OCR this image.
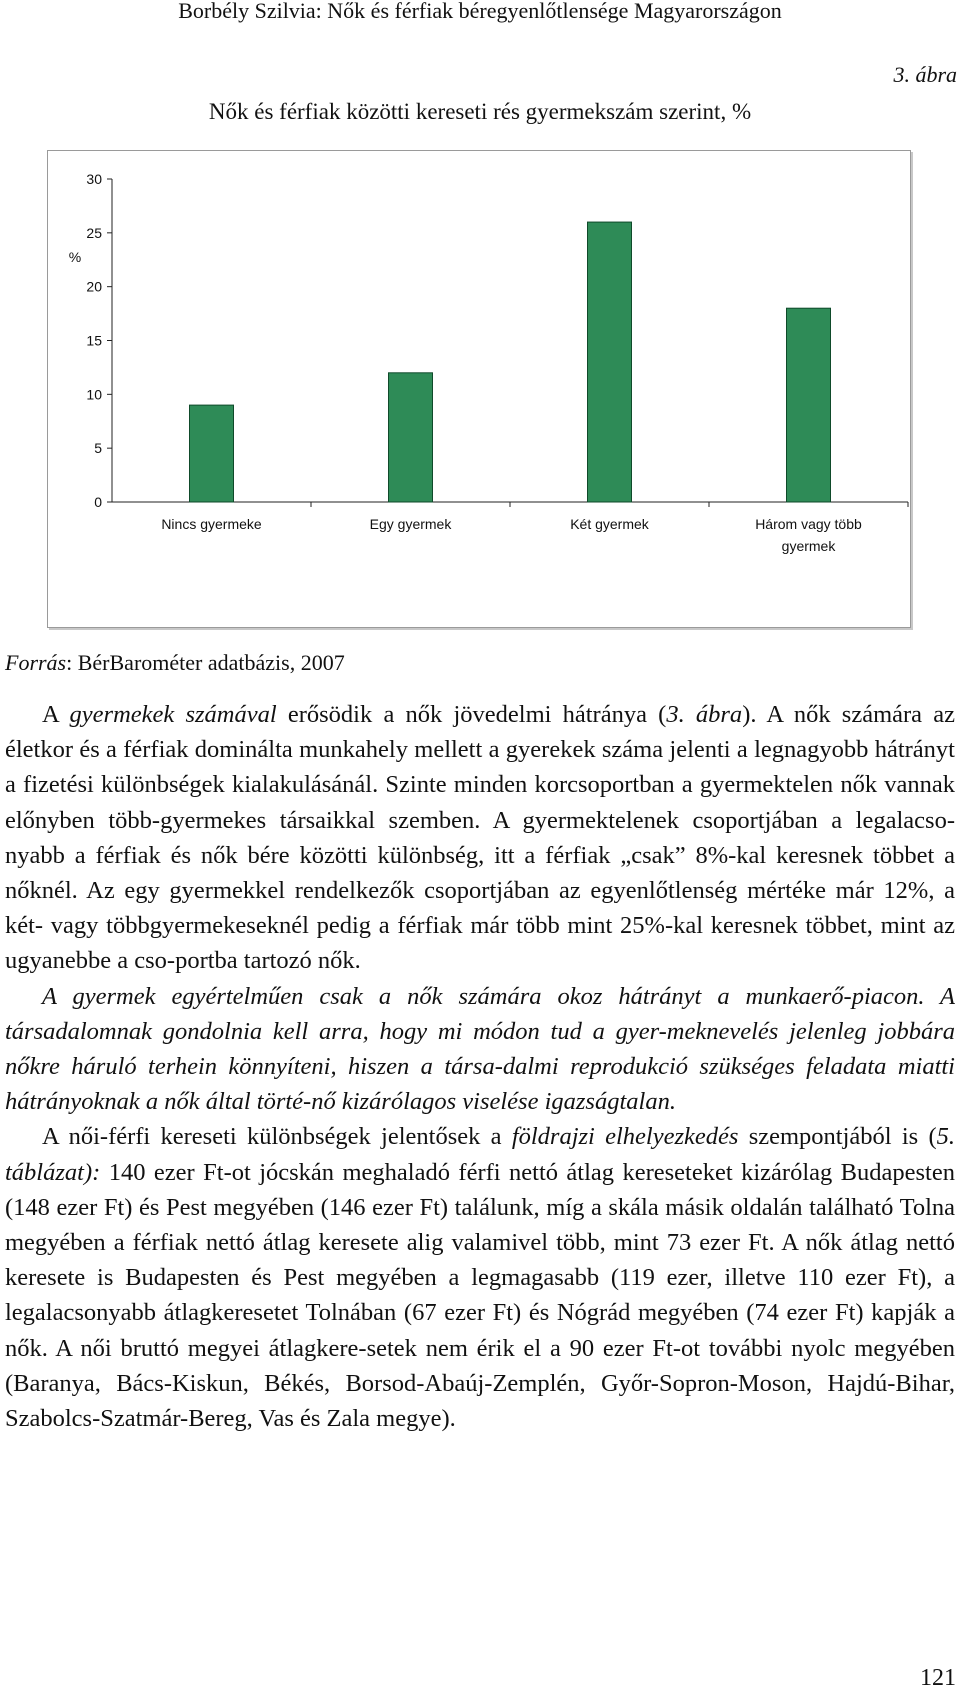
Borbély Szilvia: Nők és férfiak béregyenlőtlensége Magyarországon
3. ábra
Nők és férfiak közötti kereseti rés gyermekszám szerint, %
0
5
10
15
20
25
30
%
Nincs gyermeke	Egy gyermek	Két gyermek	Három vagy több gyermek
Forrás: BérBarométer adatbázis, 2007

A gyermekek számával erősödik a nők jövedelmi hátránya (3. ábra). A nők számára az életkor és a férfiak dominálta munkahely mellett a gyerekek száma jelenti a legnagyobb hátrányt a fizetési különbségek kialakulásánál. Szinte minden korcsoportban a gyermektelen nők vannak előnyben több-gyermekes társaikkal szemben. A gyermektelenek csoportjában a legalacso-nyabb a férfiak és nők bére közötti különbség, itt a férfiak „csak” 8%-kal keresnek többet a nőknél. Az egy gyermekkel rendelkezők csoportjában az egyenlőtlenség mértéke már 12%, a két- vagy többgyermekeseknél pedig a férfiak már több mint 25%-kal keresnek többet, mint az ugyanebbe a cso-portba tartozó nők.

A gyermek egyértelműen csak a nők számára okoz hátrányt a munkaerő-piacon. A társadalomnak gondolnia kell arra, hogy mi módon tud a gyer-meknevelés jelenleg jobbára nőkre háruló terhein könnyíteni, hiszen a társa-dalmi reprodukció szükséges feladata miatti hátrányoknak a nők által törté-nő kizárólagos viselése igazságtalan.

A női-férfi kereseti különbségek jelentősek a földrajzi elhelyezkedés szempontjából is (5. táblázat): 140 ezer Ft-ot jócskán meghaladó férfi nettó átlag kereseteket kizárólag Budapesten (148 ezer Ft) és Pest megyében (146 ezer Ft) találunk, míg a skála másik oldalán található Tolna megyében a férfiak nettó átlag keresete alig valamivel több, mint 73 ezer Ft. A nők átlag nettó keresete is Budapesten és Pest megyében a legmagasabb (119 ezer, illetve 110 ezer Ft), a legalacsonyabb átlagkeresetet Tolnában (67 ezer Ft) és Nógrád megyében (74 ezer Ft) kapják a nők. A női bruttó megyei átlagkere-setek nem érik el a 90 ezer Ft-ot további nyolc megyében (Baranya, Bács-Kiskun, Békés, Borsod-Abaúj-Zemplén, Győr-Sopron-Moson, Hajdú-Bihar, Szabolcs-Szatmár-Bereg, Vas és Zala megye).

121
